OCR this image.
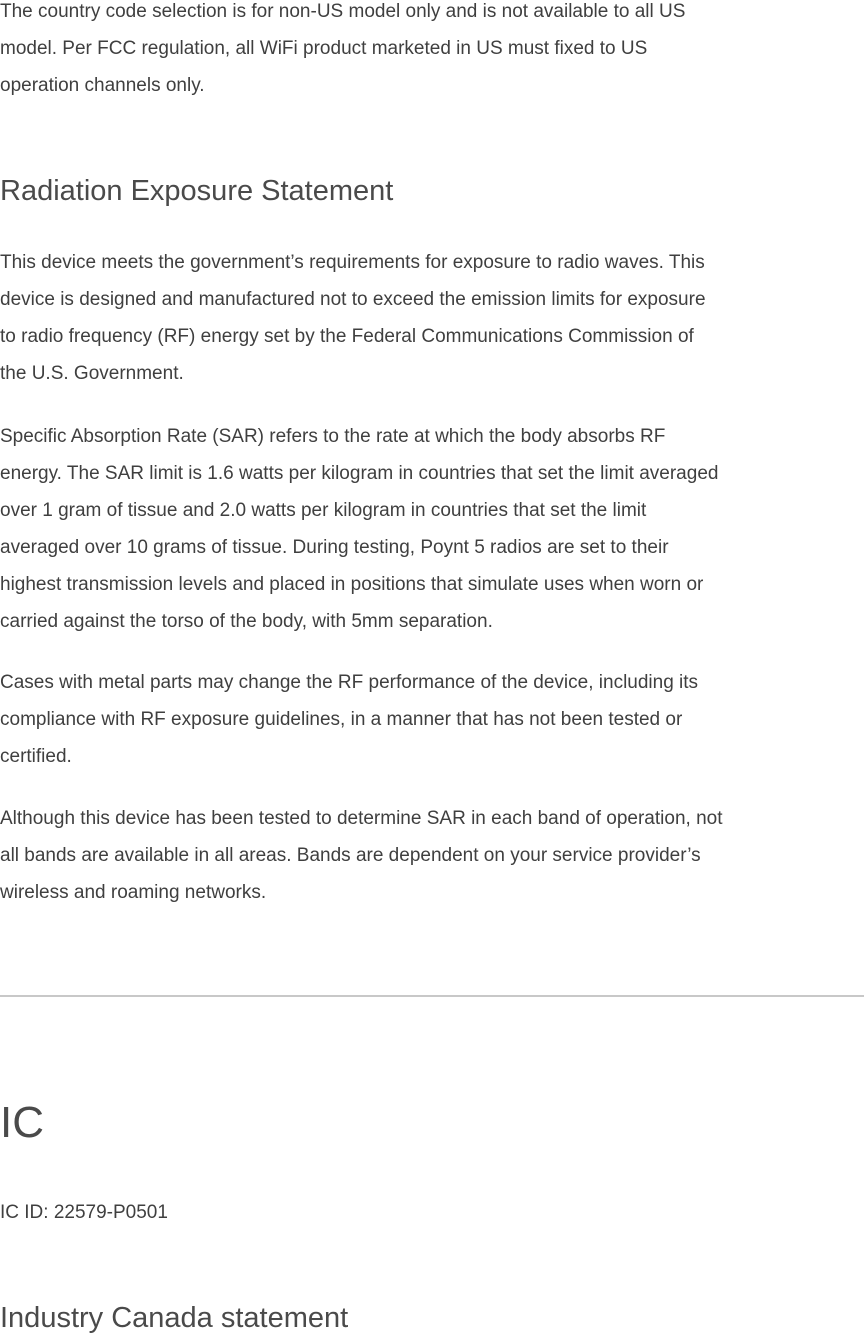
The country code selection is for non-US model only and is not available to all US
model. Per FCC regulation, all WiFi product marketed in US must fixed to US
operation channels only.
Radiation Exposure Statement
This device meets the government’s requirements for exposure to radio waves. This
device is designed and manufactured not to exceed the emission limits for exposure
to radio frequency (RF) energy set by the Federal Communications Commission of
the U.S. Government.
Specific Absorption Rate (SAR) refers to the rate at which the body absorbs RF
energy. The SAR limit is 1.6 watts per kilogram in countries that set the limit averaged
over 1 gram of tissue and 2.0 watts per kilogram in countries that set the limit
averaged over 10 grams of tissue. During testing, Poynt 5 radios are set to their
highest transmission levels and placed in positions that simulate uses when worn or
carried against the torso of the body, with 5mm separation.
Cases with metal parts may change the RF performance of the device, including its
compliance with RF exposure guidelines, in a manner that has not been tested or
certified.
Although this device has been tested to determine SAR in each band of operation, not
all bands are available in all areas. Bands are dependent on your service provider’s
wireless and roaming networks.
IC
IC ID: 22579-P0501
Industry Canada statement
